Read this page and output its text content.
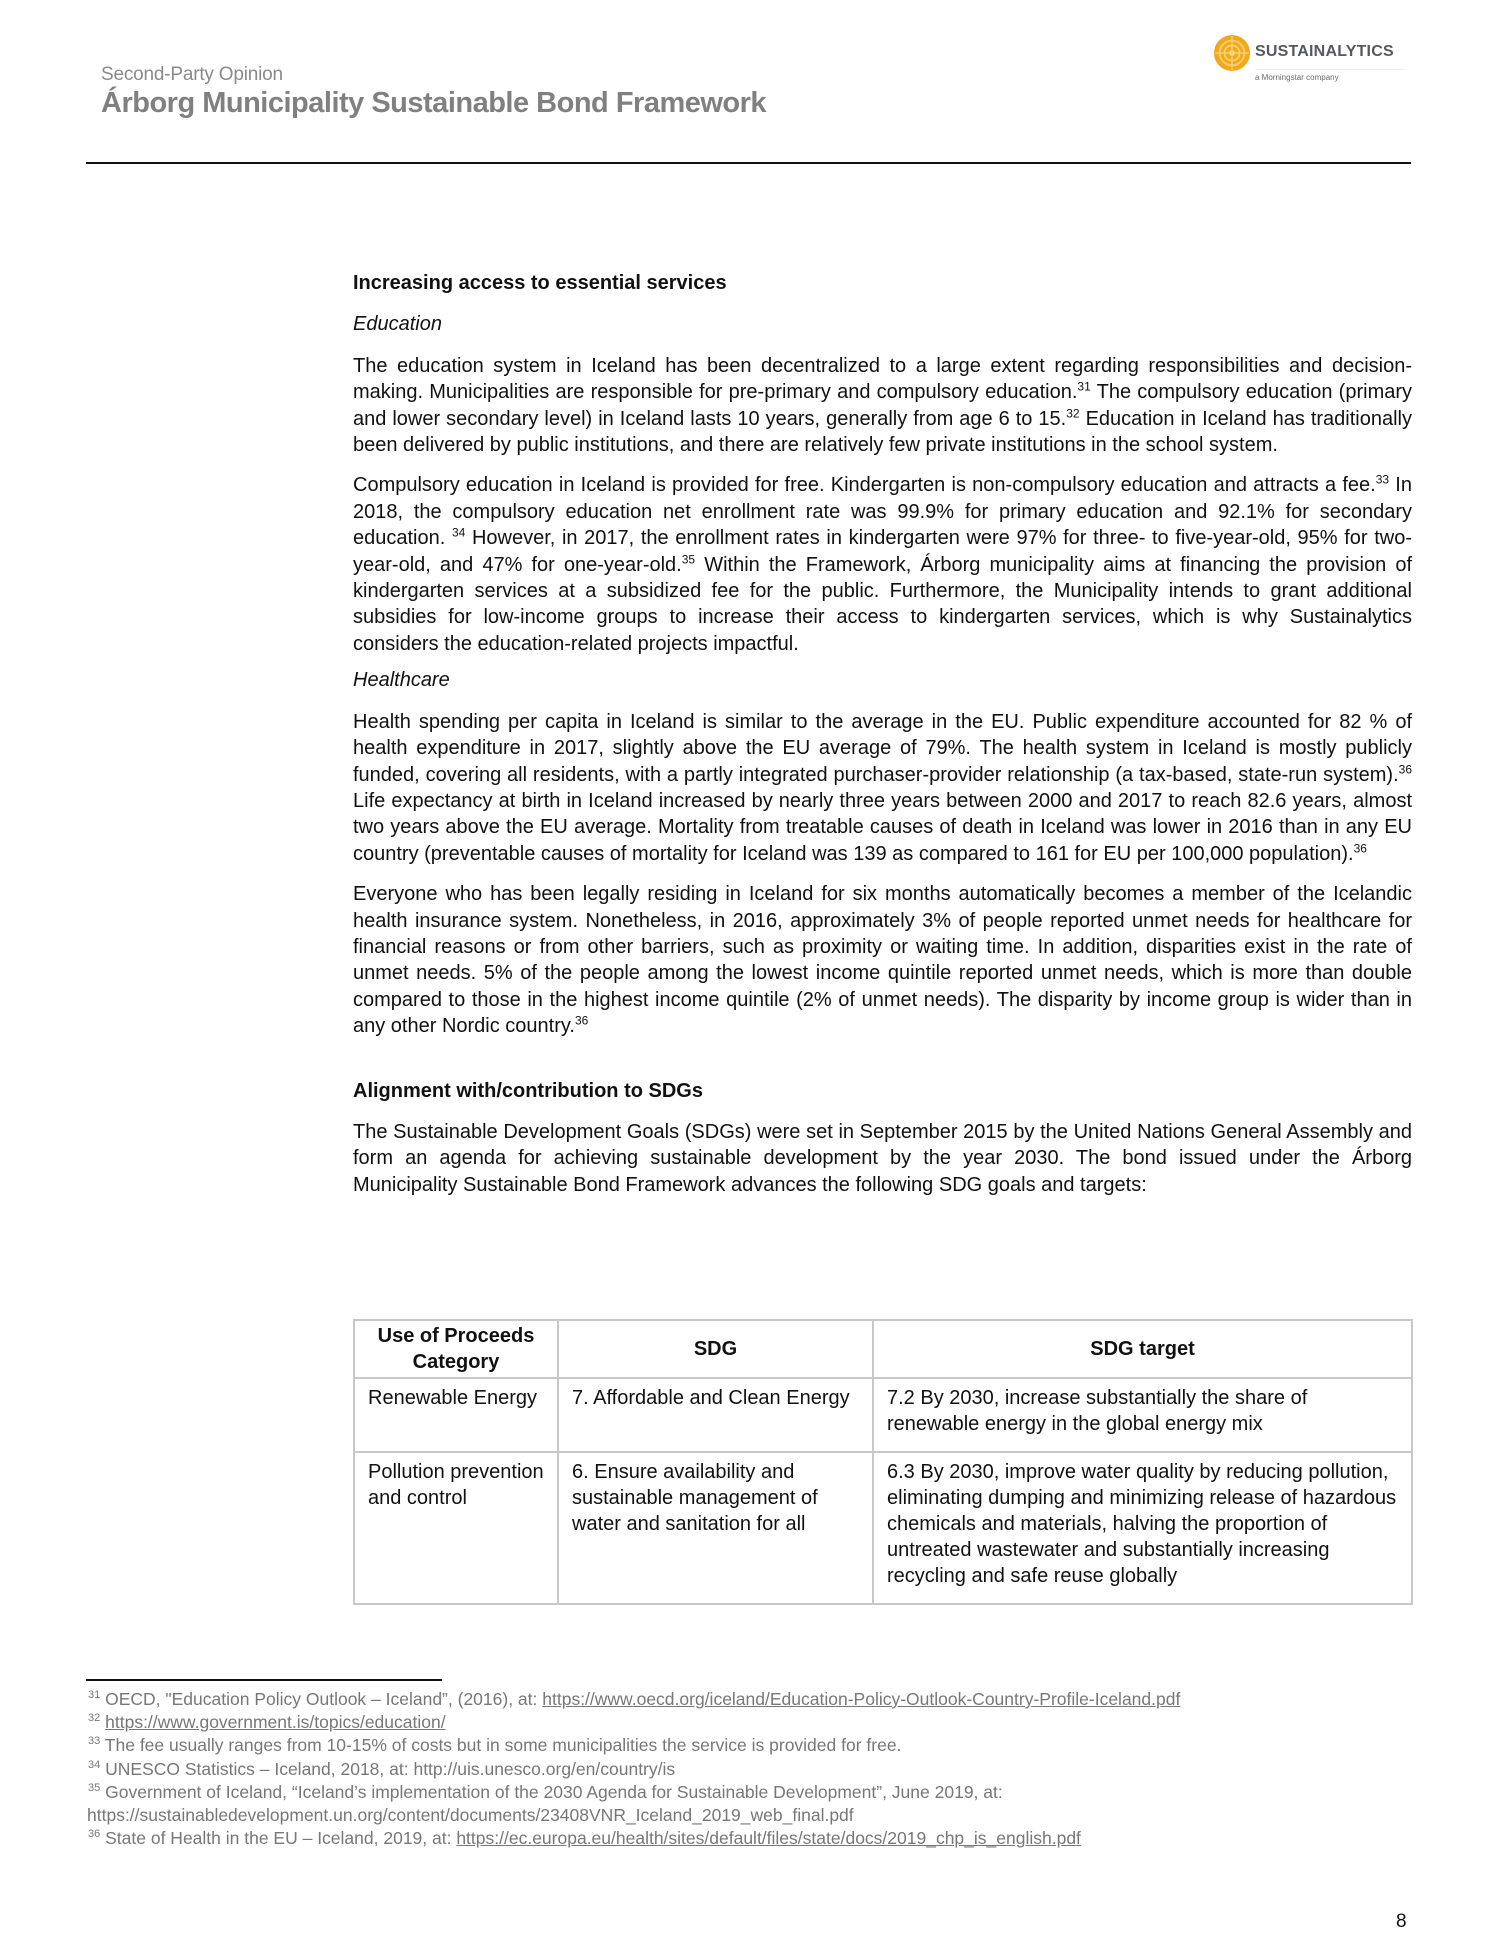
Second-Party Opinion
Árborg Municipality Sustainable Bond Framework
SUSTAINALYTICS
a Morningstar company

Increasing access to essential services

Education

The education system in Iceland has been decentralized to a large extent regarding responsibilities and decision-making. Municipalities are responsible for pre-primary and compulsory education.$^{31}$ The compulsory education (primary and lower secondary level) in Iceland lasts 10 years, generally from age 6 to 15.32 Education in Iceland has traditionally been delivered by public institutions, and there are relatively few private institutions in the school system.

Compulsory education in Iceland is provided for free. Kindergarten is non-compulsory education and attracts a fee.$^{33}$ In 2018, the compulsory education net enrollment rate was 99.9% for primary education and 92.1% for secondary education. $^{34}$ However, in 2017, the enrollment rates in kindergarten were 97% for three- to five-year-old, 95% for two-year-old, and 47% for one-year-old.$^{35}$ Within the Framework, Árborg municipality aims at financing the provision of kindergarten services at a subsidized fee for the public. Furthermore, the Municipality intends to grant additional subsidies for low-income groups to increase their access to kindergarten services, which is why Sustainalytics considers the education-related projects impactful.

Healthcare

Health spending per capita in Iceland is similar to the average in the EU. Public expenditure accounted for 82 % of health expenditure in 2017, slightly above the EU average of 79%. The health system in Iceland is mostly publicly funded, covering all residents, with a partly integrated purchaser-provider relationship (a tax-based, state-run system).$^{36}$ Life expectancy at birth in Iceland increased by nearly three years between 2000 and 2017 to reach 82.6 years, almost two years above the EU average. Mortality from treatable causes of death in Iceland was lower in 2016 than in any EU country (preventable causes of mortality for Iceland was 139 as compared to 161 for EU per 100,000 population).$^{36}$

Everyone who has been legally residing in Iceland for six months automatically becomes a member of the Icelandic health insurance system. Nonetheless, in 2016, approximately 3% of people reported unmet needs for healthcare for financial reasons or from other barriers, such as proximity or waiting time. In addition, disparities exist in the rate of unmet needs. 5% of the people among the lowest income quintile reported unmet needs, which is more than double compared to those in the highest income quintile (2% of unmet needs). The disparity by income group is wider than in any other Nordic country.$^{36}$

Alignment with/contribution to SDGs

The Sustainable Development Goals (SDGs) were set in September 2015 by the United Nations General Assembly and form an agenda for achieving sustainable development by the year 2030. The bond issued under the Árborg Municipality Sustainable Bond Framework advances the following SDG goals and targets:

Use of Proceeds Category	SDG	SDG target
Renewable Energy	7. Affordable and Clean Energy	7.2 By 2030, increase substantially the share of renewable energy in the global energy mix
Pollution prevention and control	6. Ensure availability and sustainable management of water and sanitation for all	6.3 By 2030, improve water quality by reducing pollution, eliminating dumping and minimizing release of hazardous chemicals and materials, halving the proportion of untreated wastewater and substantially increasing recycling and safe reuse globally
$^{31}$ OECD, "Education Policy Outlook – Iceland”, (2016), at: https://www.oecd.org/iceland/Education-Policy-Outlook-Country-Profile-Iceland.pdf
$^{32}$ https://www.government.is/topics/education/
$^{33}$ The fee usually ranges from 10-15% of costs but in some municipalities the service is provided for free.
$^{34}$ UNESCO Statistics – Iceland, 2018, at: http://uis.unesco.org/en/country/is
$^{35}$ Government of Iceland, “Iceland’s implementation of the 2030 Agenda for Sustainable Development”, June 2019, at:
https://sustainabledevelopment.un.org/content/documents/23408VNR_Iceland_2019_web_final.pdf
$^{36}$ State of Health in the EU – Iceland, 2019, at: https://ec.europa.eu/health/sites/default/files/state/docs/2019_chp_is_english.pdf
8
